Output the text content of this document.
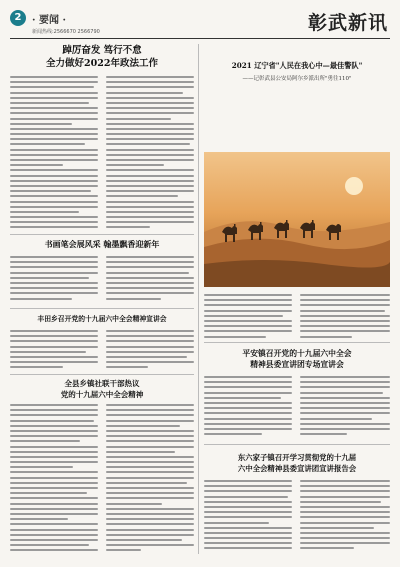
2	· 要闻 ·
新闻热线:2566670 2566790	彰武新讯
踔厉奋发 笃行不怠
全力做好2022年政法工作
书画笔会展风采 翰墨飘香迎新年
丰田乡召开党的十九届六中全会精神宣讲会
全县乡镇社联干部热议
党的十九届六中全会精神
2021 辽宁省"人民在我心中—最佳警队"
——记彰武县公安局阿尔乡派出所"勇往110"
平安镇召开党的十九届六中全会
精神县委宣讲团专场宣讲会
东六家子镇召开学习贯彻党的十九届
六中全会精神县委宣讲团宣讲报告会
